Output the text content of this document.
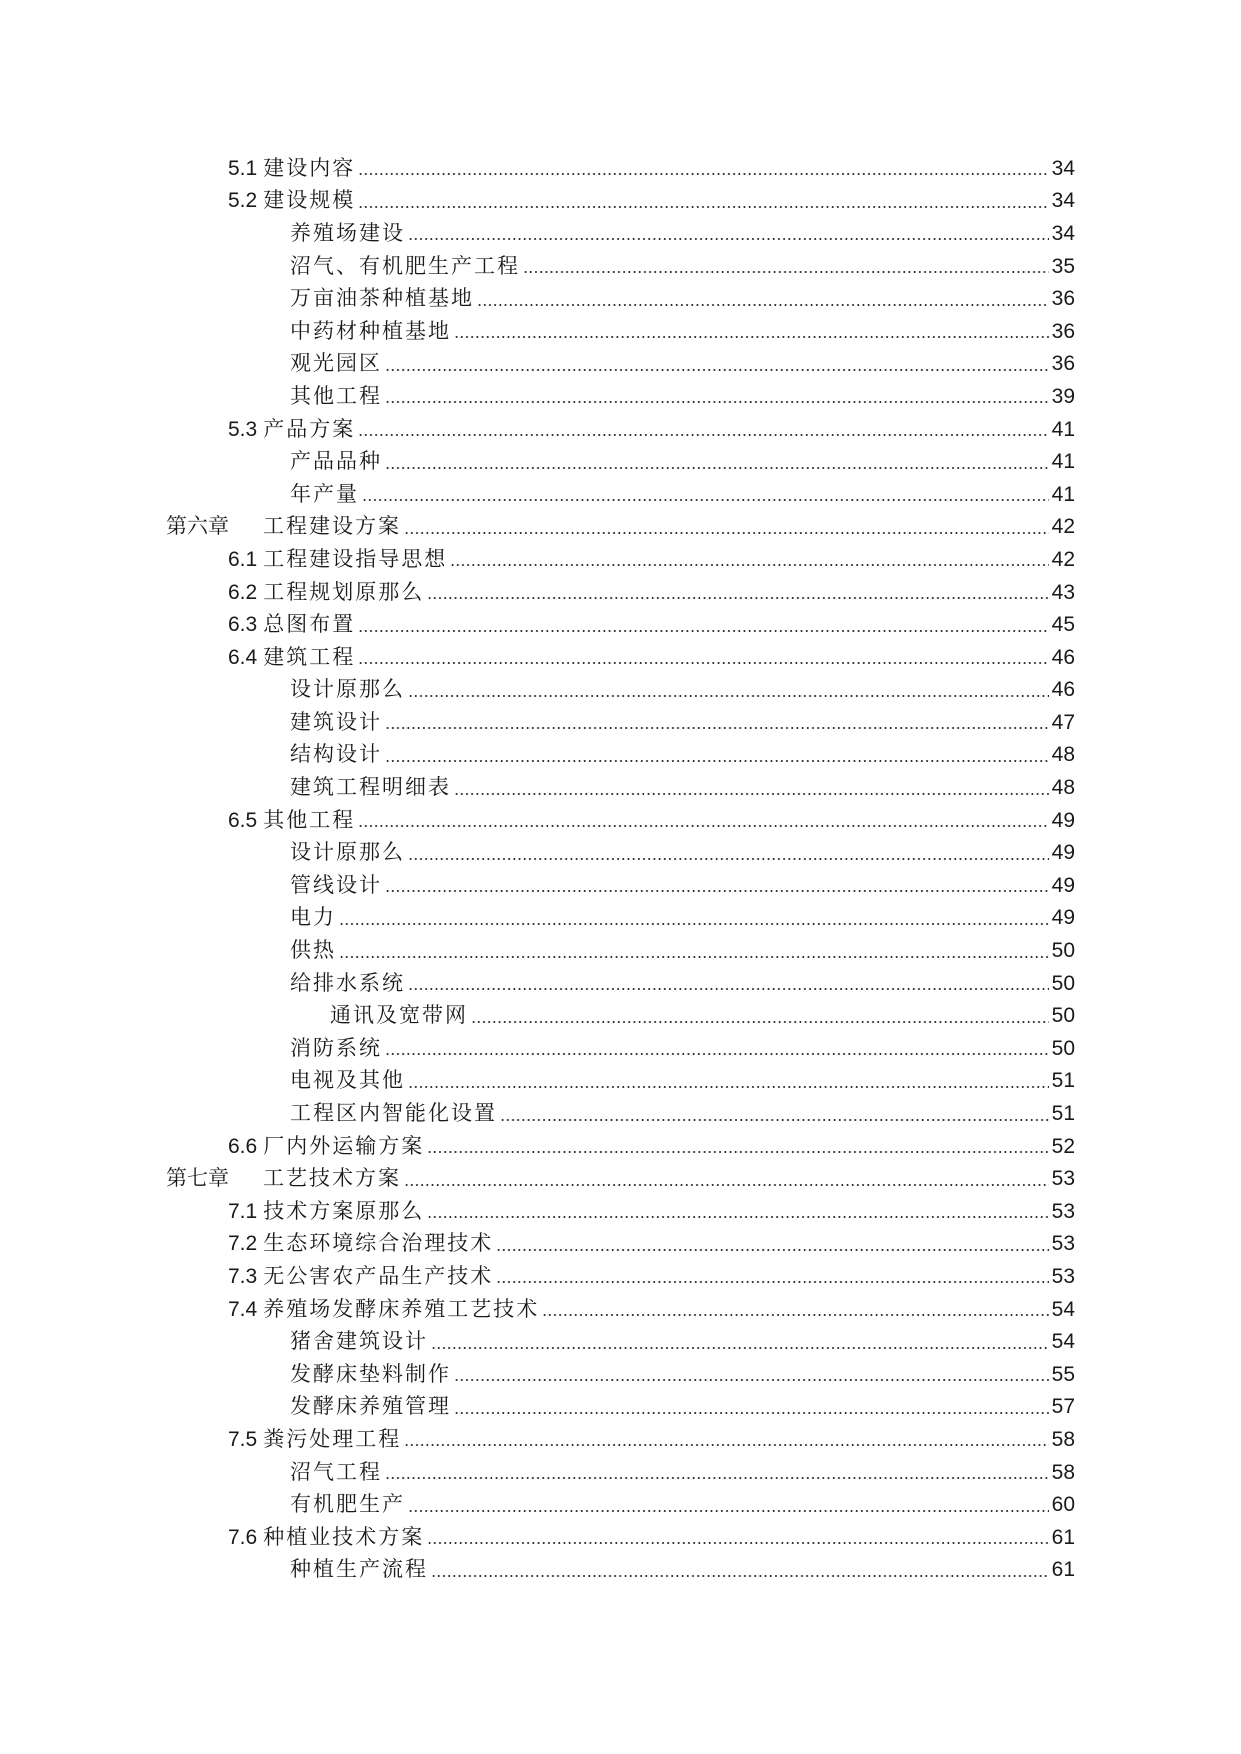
5.1 建设内容	34
5.2 建设规模	34
养殖场建设	34
沼气、有机肥生产工程	35
万亩油茶种植基地	36
中药材种植基地	36
观光园区	36
其他工程	39
5.3 产品方案	41
产品品种	41
年产量	41
第六章 工程建设方案	42
6.1 工程建设指导思想	42
6.2 工程规划原那么	43
6.3 总图布置	45
6.4 建筑工程	46
设计原那么	46
建筑设计	47
结构设计	48
建筑工程明细表	48
6.5 其他工程	49
设计原那么	49
管线设计	49
电力	49
供热	50
给排水系统	50
通讯及宽带网	50
消防系统	50
电视及其他	51
工程区内智能化设置	51
6.6 厂内外运输方案	52
第七章 工艺技术方案	53
7.1 技术方案原那么	53
7.2 生态环境综合治理技术	53
7.3 无公害农产品生产技术	53
7.4 养殖场发酵床养殖工艺技术	54
猪舍建筑设计	54
发酵床垫料制作	55
发酵床养殖管理	57
7.5 粪污处理工程	58
沼气工程	58
有机肥生产	60
7.6 种植业技术方案	61
种植生产流程	61
